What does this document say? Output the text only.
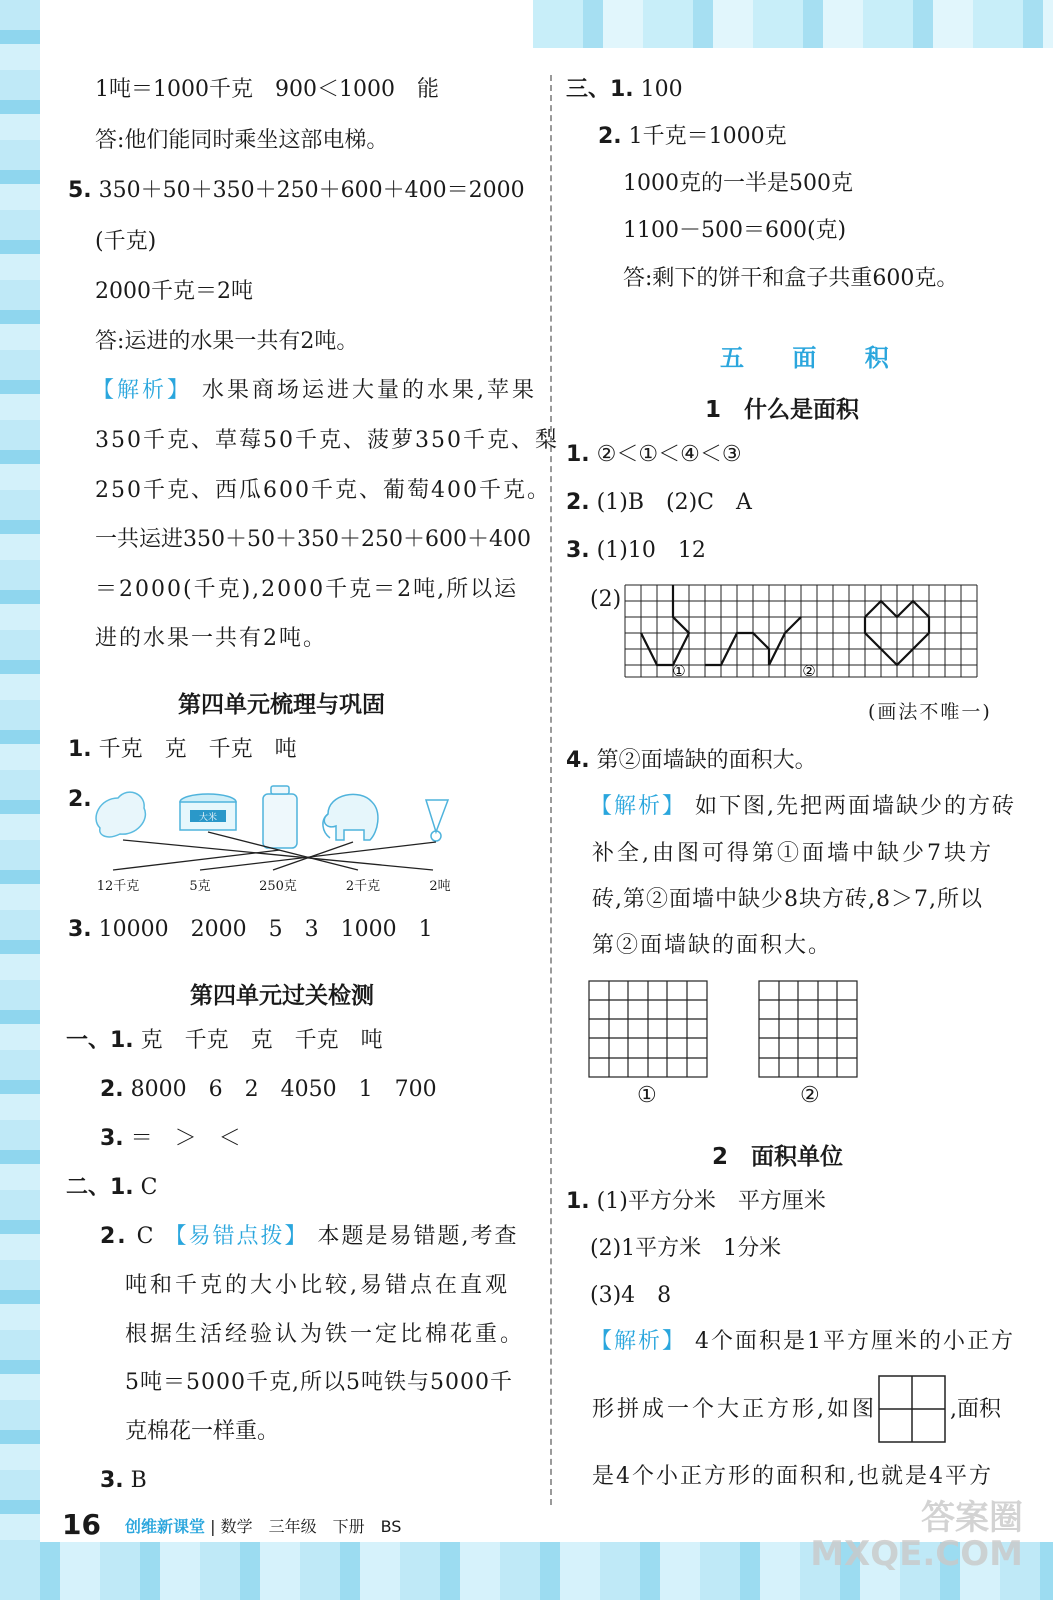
1吨＝1000千克　900＜1000　能
答:他们能同时乘坐这部电梯。
5. 350＋50＋350＋250＋600＋400＝2000
(千克)
2000千克＝2吨
答:运进的水果一共有2吨。
【解析】 水果商场运进大量的水果,苹果
350千克、草莓50千克、菠萝350千克、梨
250千克、西瓜600千克、葡萄400千克。
一共运进350＋50＋350＋250＋600＋400
＝2000(千克),2000千克＝2吨,所以运
进的水果一共有2吨。
第四单元梳理与巩固
1. 千克　克　千克　吨
2.
大米
12千克	5克	250克	2千克	2吨
3. 10000　2000　5　3　1000　1
第四单元过关检测
一、1. 克　千克　克　千克　吨
2. 8000　6　2　4050　1　700
3. ＝　＞　＜
二、1. C
2. C 【易错点拨】 本题是易错题,考查
吨和千克的大小比较,易错点在直观
根据生活经验认为铁一定比棉花重。
5吨＝5000千克,所以5吨铁与5000千
克棉花一样重。
3. B
三、1. 100
2. 1千克＝1000克
1000克的一半是500克
1100－500＝600(克)
答:剩下的饼干和盒子共重600克。
五 面 积
1　什么是面积
1. ②＜①＜④＜③
2. (1)B　(2)C　A
3. (1)10　12
(2)
①	②
(画法不唯一)
4. 第②面墙缺的面积大。
【解析】 如下图,先把两面墙缺少的方砖
补全,由图可得第①面墙中缺少7块方
砖,第②面墙中缺少8块方砖,8＞7,所以
第②面墙缺的面积大。
①	②
2　面积单位
1. (1)平方分米　平方厘米
(2)1平方米　1分米
(3)4　8
【解析】 4个面积是1平方厘米的小正方
形拼成一个大正方形,如图	,面积
是4个小正方形的面积和,也就是4平方
16 创维新课堂 | 数学　三年级　下册　BS	答案圈
MXQE.COM
